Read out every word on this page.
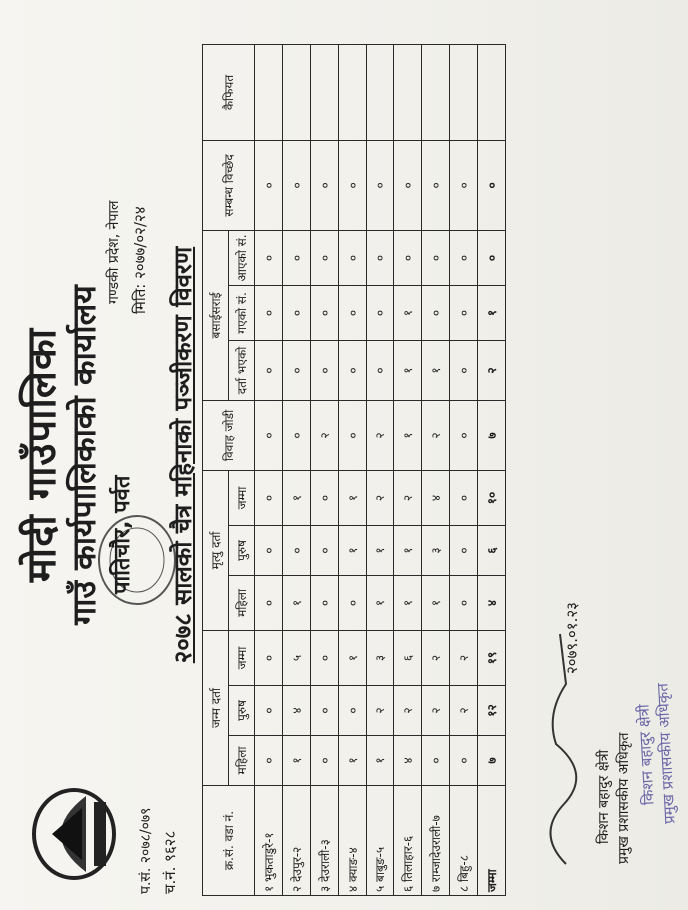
मोदी गाउँपालिका गाउँ कार्यपालिकाको कार्यालय पातिचौर, पर्वत
प.सं. २०७८/०७९ च.नं. ९६२८
गण्डकी प्रदेश, नेपाल मिति: २०७७/०२/२४ २०७८ सालको चैत्र महिनाको पञ्जीकरण विवरण
क्र.सं. वडा नं.	जन्म दर्ता			मृत्यु दर्ता			विवाह जोडी	बसाईसराई			सम्बन्ध विच्छेद	कैफियत
	महिला	पुरुष	जम्मा	महिला	पुरुष	जम्मा		दर्ता भएको	गएको सं.	आएको सं.		
१ भुकताडुरे-१	०	०	०	०	०	०	०	०	०	०	०	
२ देउपुर-२	१	४	५	१	०	१	०	०	०	०	०	
३ देउराली-३	०	०	०	०	०	०	२	०	०	०	०	
४ क्याङ-४	१	०	१	०	१	१	०	०	०	०	०	
५ बाबुङ-५	१	२	३	१	१	२	२	०	०	०	०	
६ तिलाहार-६	४	२	६	१	१	२	१	१	१	०	०	
७ राम्जादेउराली-७	०	२	२	१	३	४	२	१	०	०	०	
८ बिहु-८	०	२	२	०	०	०	०	०	०	०	०	
जम्मा	७	१२	१९	४	६	१०	७	२	१	०	०	
२०७९.०१.२३
किशन बहादुर क्षेत्री प्रमुख प्रशासकीय अधिकृत किशन बहादुर क्षेत्री
प्रमुख प्रशासकीय अधिकृत
